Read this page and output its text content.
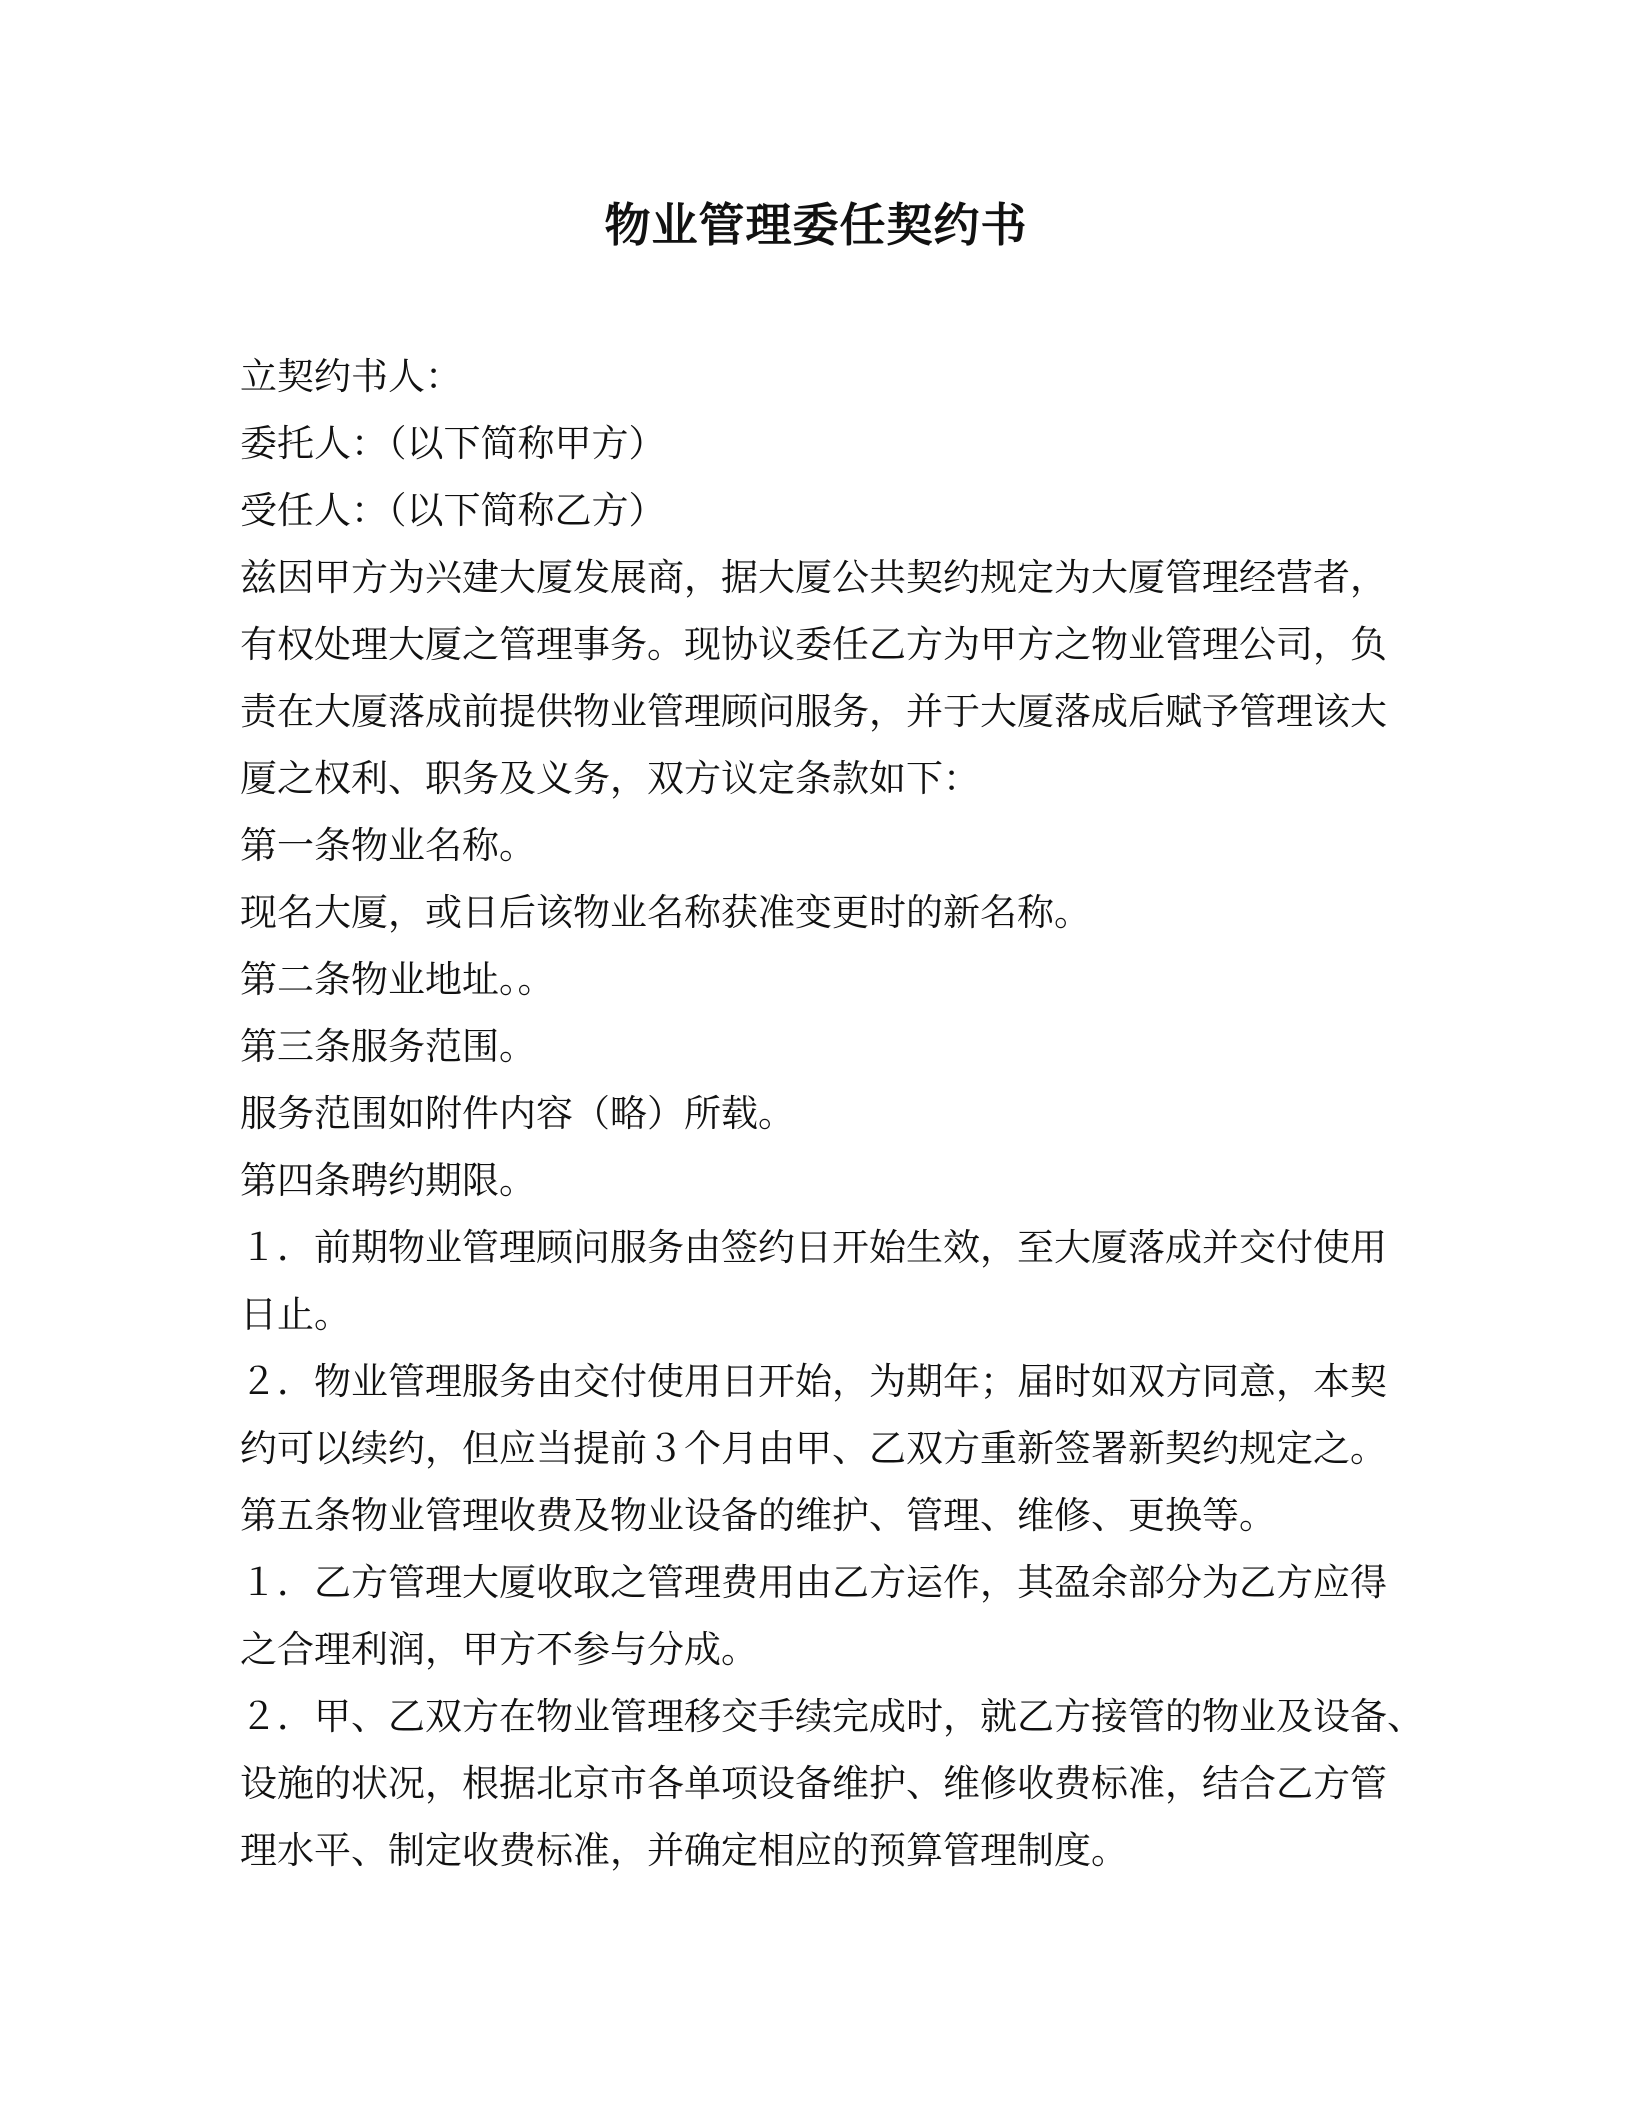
物业管理委任契约书

立契约书人：

委托人：（以下简称甲方）

受任人：（以下简称乙方）

兹因甲方为兴建大厦发展商，据大厦公共契约规定为大厦管理经营者，

有权处理大厦之管理事务。现协议委任乙方为甲方之物业管理公司，负

责在大厦落成前提供物业管理顾问服务，并于大厦落成后赋予管理该大

厦之权利、职务及义务，双方议定条款如下：

第一条物业名称。

现名大厦，或日后该物业名称获准变更时的新名称。

第二条物业地址。。

第三条服务范围。

服务范围如附件内容（略）所载。

第四条聘约期限。

１．前期物业管理顾问服务由签约日开始生效，至大厦落成并交付使用

日止。

２．物业管理服务由交付使用日开始，为期年；届时如双方同意，本契

约可以续约，但应当提前３个月由甲、乙双方重新签署新契约规定之。

第五条物业管理收费及物业设备的维护、管理、维修、更换等。

１．乙方管理大厦收取之管理费用由乙方运作，其盈余部分为乙方应得

之合理利润，甲方不参与分成。

２．甲、乙双方在物业管理移交手续完成时，就乙方接管的物业及设备、

设施的状况，根据北京市各单项设备维护、维修收费标准，结合乙方管

理水平、制定收费标准，并确定相应的预算管理制度。
